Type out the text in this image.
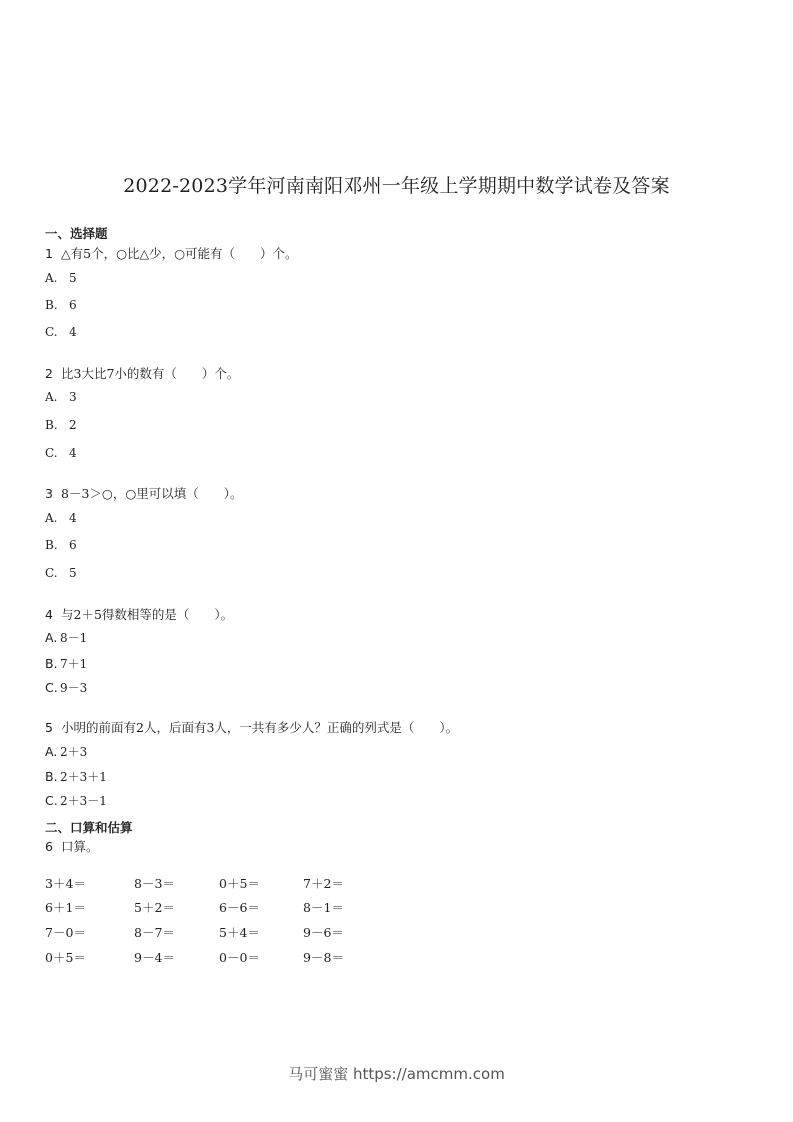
2022-2023学年河南南阳邓州一年级上学期期中数学试卷及答案
一、选择题
1 △有5个，○比△少，○可能有（　　）个。
A. 5
B. 6
C. 4
2 比3大比7小的数有（　　）个。
A. 3
B. 2
C. 4
3 8－3＞○，○里可以填（　　）。
A. 4
B. 6
C. 5
4 与2＋5得数相等的是（　　）。
A. 8－1
B. 7＋1
C. 9－3
5 小明的前面有2人，后面有3人，一共有多少人？正确的列式是（　　）。
A. 2＋3
B. 2＋3＋1
C. 2＋3－1
二、口算和估算
6 口算。
3＋4＝	8－3＝	0＋5＝	7＋2＝
6＋1＝	5＋2＝	6－6＝	8－1＝
7－0＝	8－7＝	5＋4＝	9－6＝
0＋5＝	9－4＝	0－0＝	9－8＝
马可蜜蜜 https://amcmm.com
